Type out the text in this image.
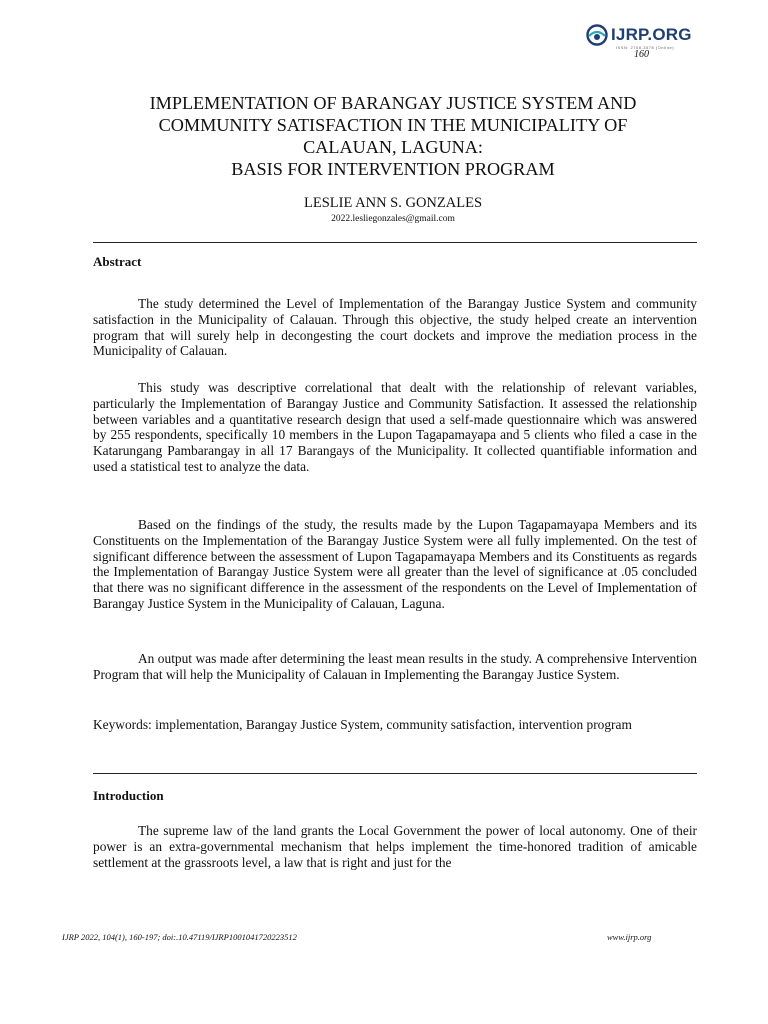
IJRP.ORG
ISSN: 2708-3578 (Online)
160
IMPLEMENTATION OF BARANGAY JUSTICE SYSTEM AND
COMMUNITY SATISFACTION IN THE MUNICIPALITY OF
CALAUAN, LAGUNA:
BASIS FOR INTERVENTION PROGRAM
LESLIE ANN S. GONZALES
2022.lesliegonzales@gmail.com
Abstract
The study determined the Level of Implementation of the Barangay Justice System and community satisfaction in the Municipality of Calauan. Through this objective, the study helped create an intervention program that will surely help in decongesting the court dockets and improve the mediation process in the Municipality of Calauan.
This study was descriptive correlational that dealt with the relationship of relevant variables, particularly the Implementation of Barangay Justice and Community Satisfaction. It assessed the relationship between variables and a quantitative research design that used a self-made questionnaire which was answered by 255 respondents, specifically 10 members in the Lupon Tagapamayapa and 5 clients who filed a case in the Katarungang Pambarangay in all 17 Barangays of the Municipality. It collected quantifiable information and used a statistical test to analyze the data.
Based on the findings of the study, the results made by the Lupon Tagapamayapa Members and its Constituents on the Implementation of the Barangay Justice System were all fully implemented. On the test of significant difference between the assessment of Lupon Tagapamayapa Members and its Constituents as regards the Implementation of Barangay Justice System were all greater than the level of significance at .05 concluded that there was no significant difference in the assessment of the respondents on the Level of Implementation of Barangay Justice System in the Municipality of Calauan, Laguna.
An output was made after determining the least mean results in the study. A comprehensive Intervention Program that will help the Municipality of Calauan in Implementing the Barangay Justice System.
Keywords: implementation, Barangay Justice System, community satisfaction, intervention program
Introduction
The supreme law of the land grants the Local Government the power of local autonomy. One of their power is an extra-governmental mechanism that helps implement the time-honored tradition of amicable settlement at the grassroots level, a law that is right and just for the
IJRP 2022, 104(1), 160-197; doi:.10.47119/IJRP1001041720223512	www.ijrp.org
